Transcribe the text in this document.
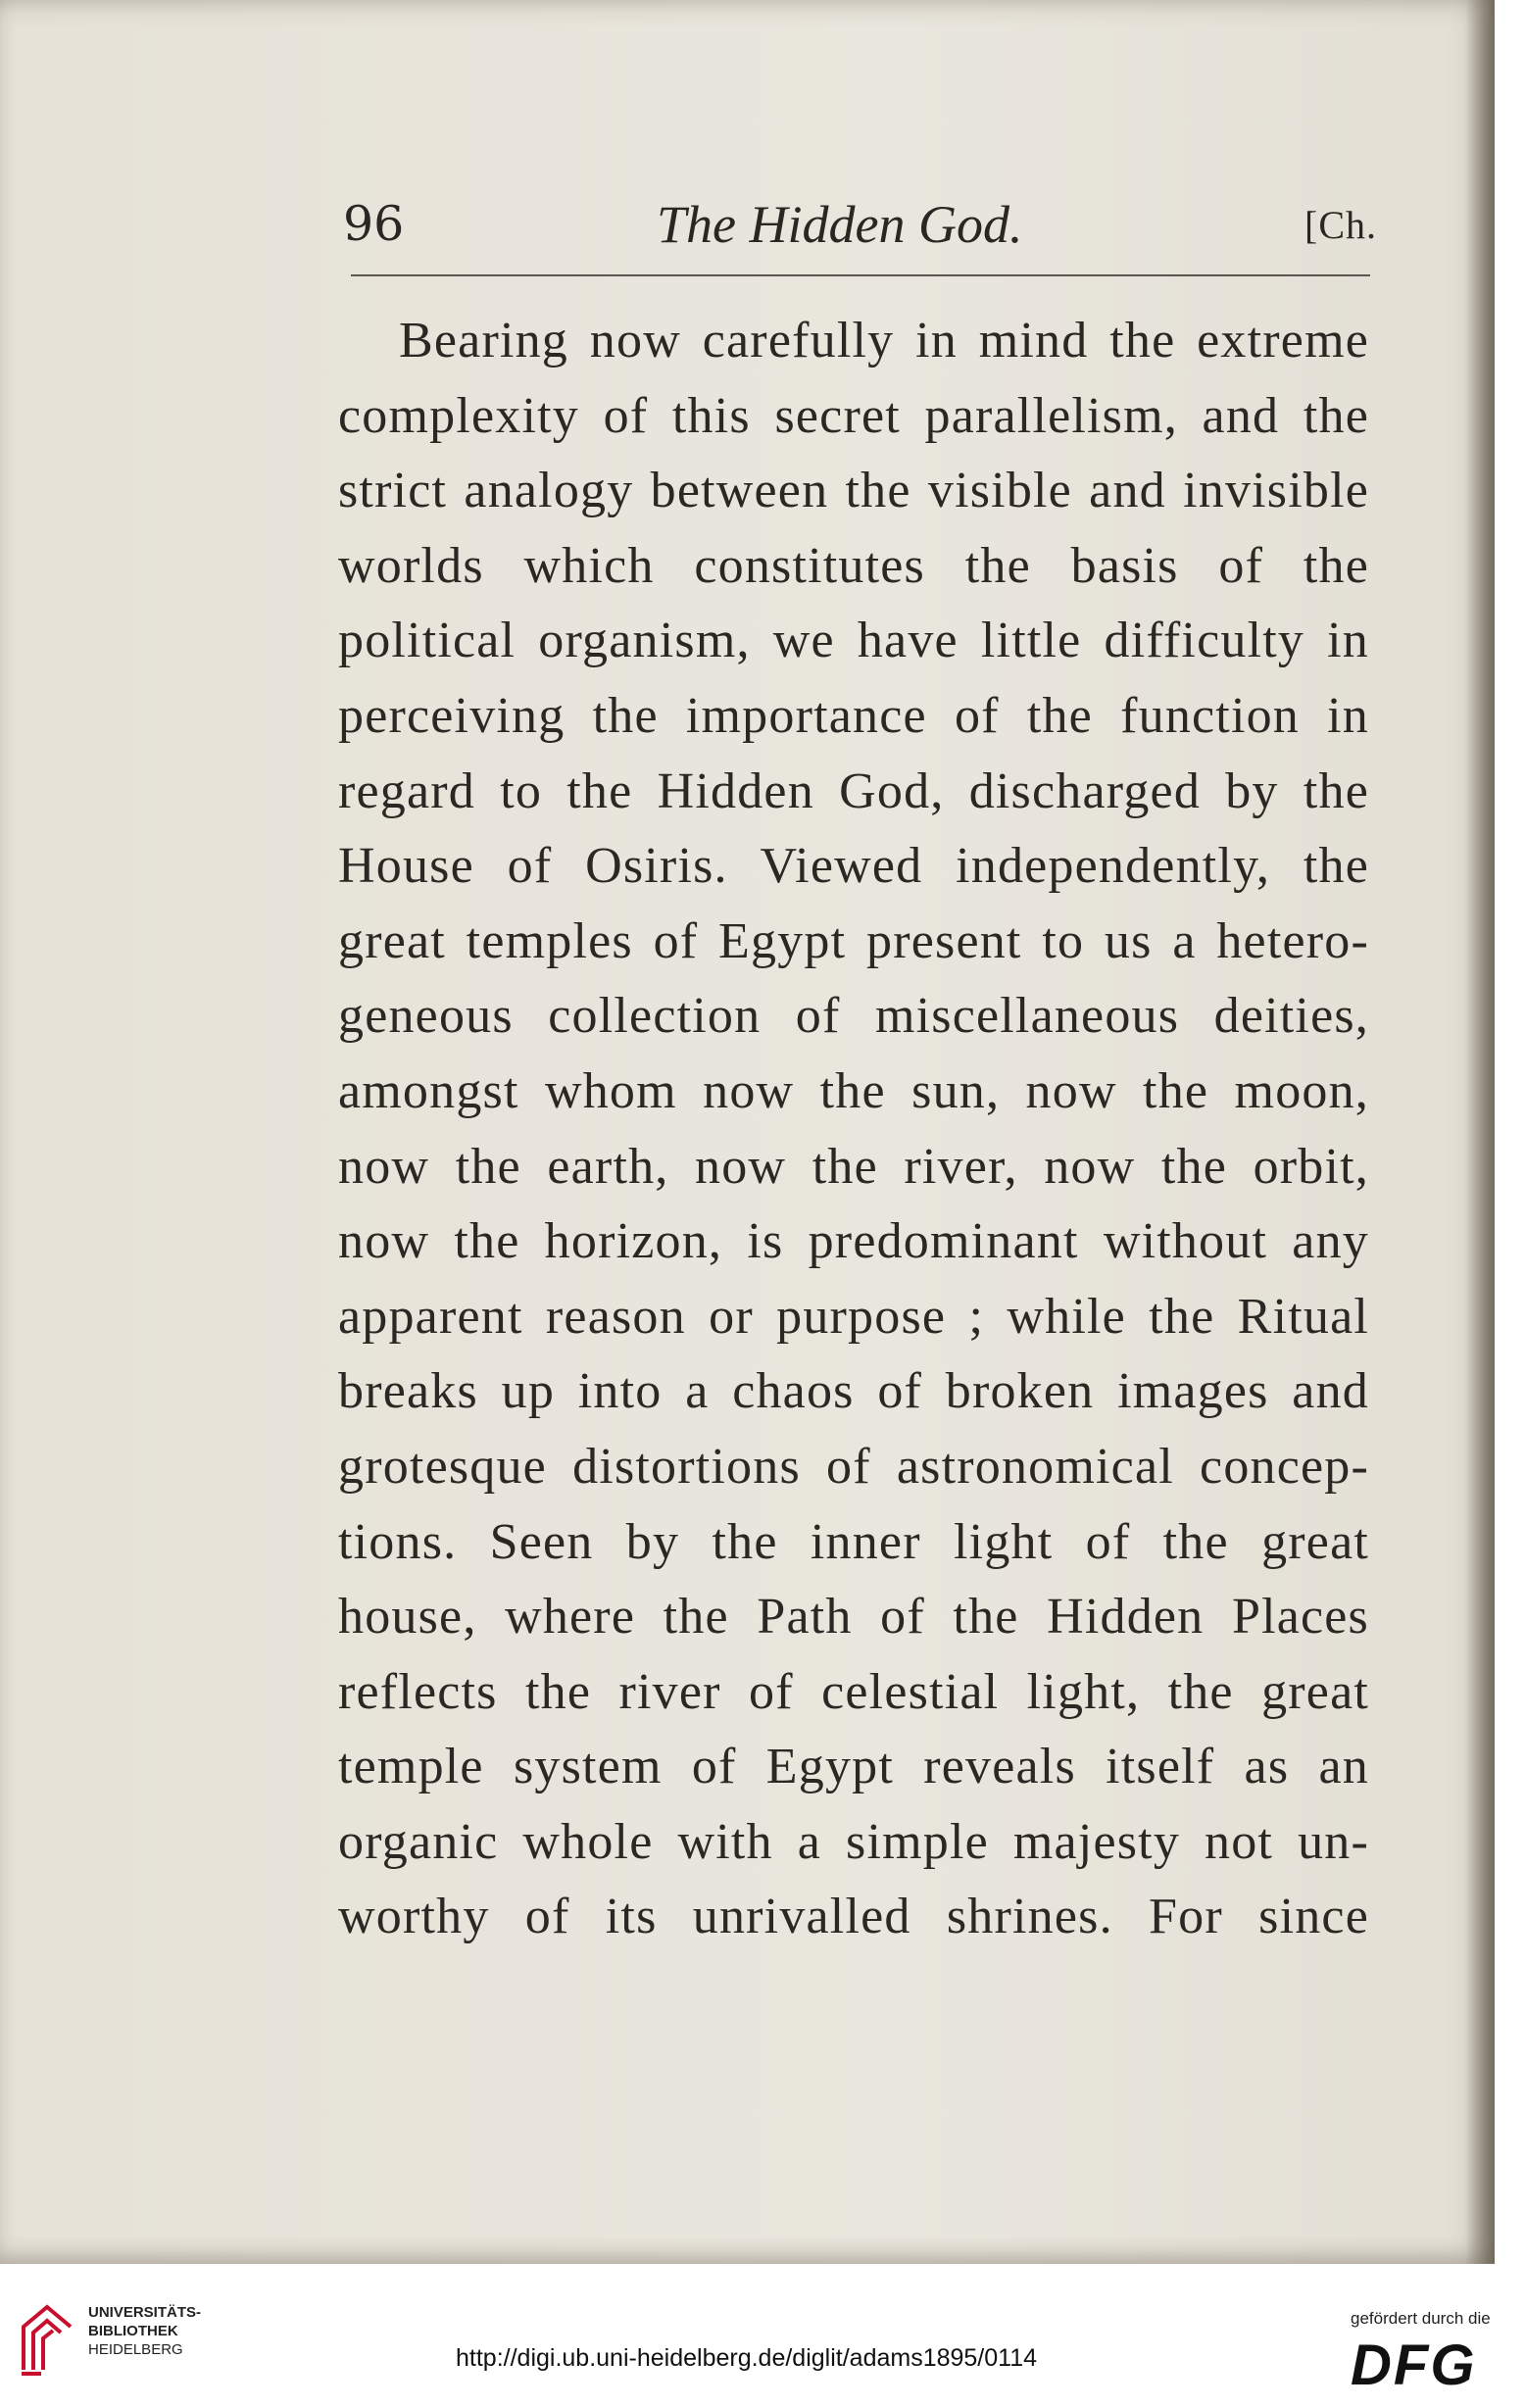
96	The Hidden God.	[Ch.
Bearing now carefully in mind the extreme
complexity of this secret parallelism, and the
strict analogy between the visible and invisible
worlds which constitutes the basis of the
political organism, we have little difficulty in
perceiving the importance of the function in
regard to the Hidden God, discharged by the
House of Osiris. Viewed independently, the
great temples of Egypt present to us a hetero-
geneous collection of miscellaneous deities,
amongst whom now the sun, now the moon,
now the earth, now the river, now the orbit,
now the horizon, is predominant without any
apparent reason or purpose ; while the Ritual
breaks up into a chaos of broken images and
grotesque distortions of astronomical concep-
tions. Seen by the inner light of the great
house, where the Path of the Hidden Places
reflects the river of celestial light, the great
temple system of Egypt reveals itself as an
organic whole with a simple majesty not un-
worthy of its unrivalled shrines. For since
UNIVERSITÄTS-
BIBLIOTHEK
HEIDELBERG	http://digi.ub.uni-heidelberg.de/diglit/adams1895/0114
gefördert durch die
DFG
